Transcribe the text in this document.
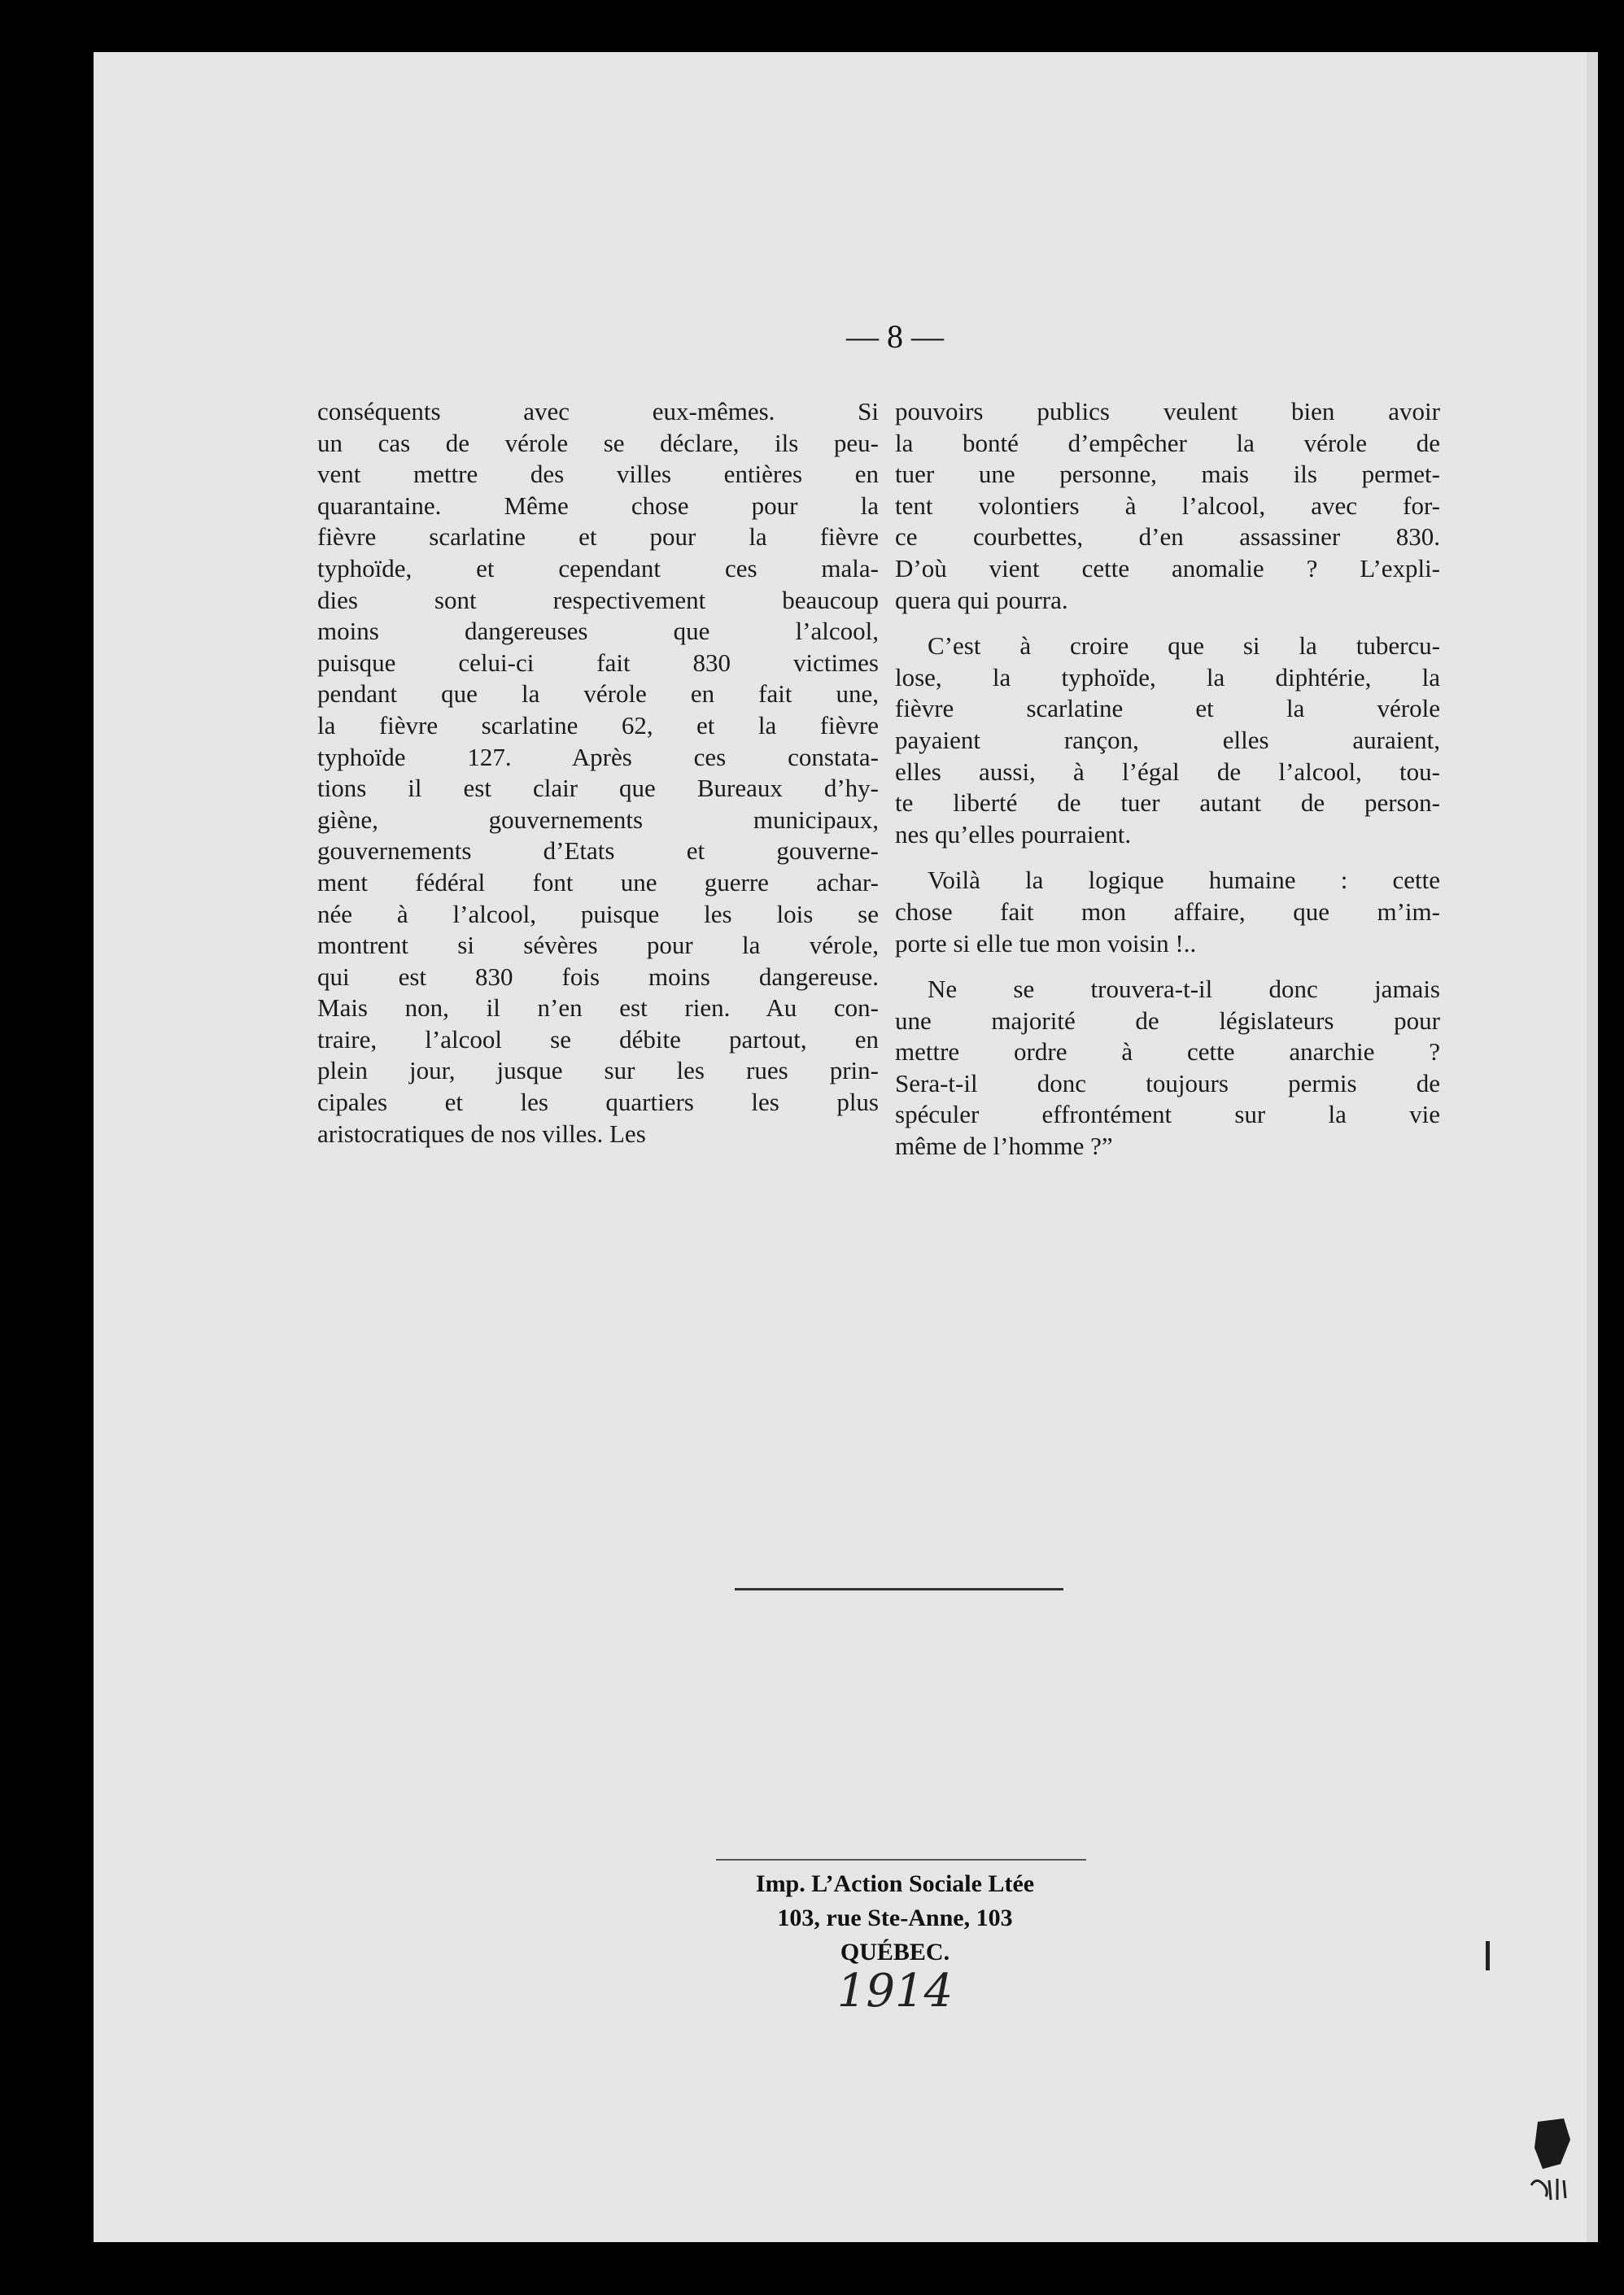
— 8 —
conséquents avec eux-mêmes. Si
un cas de vérole se déclare, ils peu-
vent mettre des villes entières en
quarantaine. Même chose pour la
fièvre scarlatine et pour la fièvre
typhoïde, et cependant ces mala-
dies sont respectivement beaucoup
moins dangereuses que l’alcool,
puisque celui-ci fait 830 victimes
pendant que la vérole en fait une,
la fièvre scarlatine 62, et la fièvre
typhoïde 127. Après ces constata-
tions il est clair que Bureaux d’hy-
giène, gouvernements municipaux,
gouvernements d’Etats et gouverne-
ment fédéral font une guerre achar-
née à l’alcool, puisque les lois se
montrent si sévères pour la vérole,
qui est 830 fois moins dangereuse.
Mais non, il n’en est rien. Au con-
traire, l’alcool se débite partout, en
plein jour, jusque sur les rues prin-
cipales et les quartiers les plus
aristocratiques de nos villes. Les
pouvoirs publics veulent bien avoir
la bonté d’empêcher la vérole de
tuer une personne, mais ils permet-
tent volontiers à l’alcool, avec for-
ce courbettes, d’en assassiner 830.
D’où vient cette anomalie ? L’expli-
quera qui pourra.
C’est à croire que si la tubercu-
lose, la typhoïde, la diphtérie, la
fièvre scarlatine et la vérole
payaient rançon, elles auraient,
elles aussi, à l’égal de l’alcool, tou-
te liberté de tuer autant de person-
nes qu’elles pourraient.
Voilà la logique humaine : cette
chose fait mon affaire, que m’im-
porte si elle tue mon voisin !..
Ne se trouvera-t-il donc jamais
une majorité de législateurs pour
mettre ordre à cette anarchie ?
Sera-t-il donc toujours permis de
spéculer effrontément sur la vie
même de l’homme ?”
Imp. L’Action Sociale Ltée
103, rue Ste-Anne, 103
QUÉBEC.
1914
